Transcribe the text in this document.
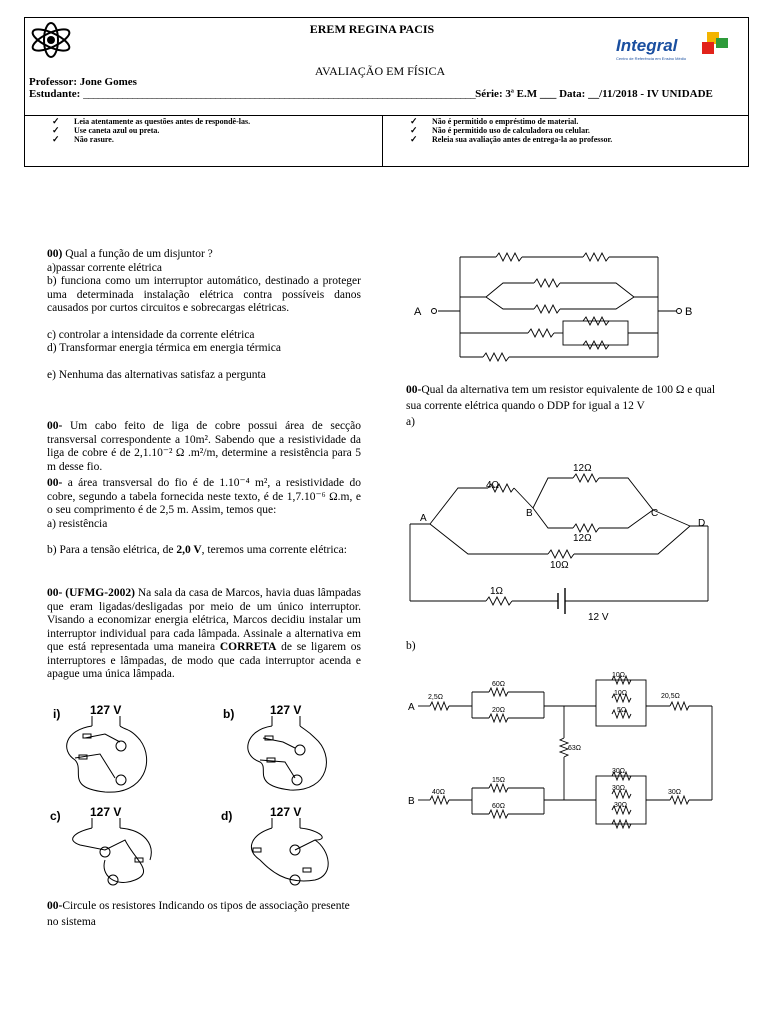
EREM REGINA PACIS
AVALIAÇÃO EM FÍSICA
Integral
Centro de Referência em Ensino Médio
Professor: Jone Gomes
Estudante: ________________________________________________________________________________Série: 3$^a$ E.M ___ Data: __/11/2018 - IV UNIDADE
✓ Leia atentamente as questões antes de respondê-las.
✓ Use caneta azul ou preta.
✓ Não rasure.
✓ Não é permitido o empréstimo de material.
✓ Não é permitido uso de calculadora ou celular.
✓ Releia sua avaliação antes de entrega-la ao professor.

00) Qual a função de um disjuntor ?

a)passar corrente elétrica

b) funciona como um interruptor automático, destinado a proteger uma determinada instalação elétrica contra possíveis danos causados por curtos circuitos e sobrecargas elétricas.

c) controlar a intensidade da corrente elétrica

d) Transformar energia térmica em energia térmica

e) Nenhuma das alternativas satisfaz a pergunta

00- Um cabo feito de liga de cobre possui área de secção transversal correspondente a 10m². Sabendo que a resistividade da liga de cobre é de 2,1.10⁻² Ω .m²/m, determine a resistência para 5 m desse fio.

00- a área transversal do fio é de 1.10⁻⁴ m², a resistividade do cobre, segundo a tabela fornecida neste texto, é de 1,7.10⁻⁶ Ω.m, e o seu comprimento é de 2,5 m. Assim, temos que:

a) resistência

b) Para a tensão elétrica, de 2,0 V, teremos uma corrente elétrica:

00- (UFMG-2002) Na sala da casa de Marcos, havia duas lâmpadas que eram ligadas/desligadas por meio de um único interruptor. Visando a economizar energia elétrica, Marcos decidiu instalar um interruptor individual para cada lâmpada. Assinale a alternativa em que está representada uma maneira CORRETA de se ligarem os interruptores e lâmpadas, de modo que cada interruptor acenda e apague uma única lâmpada.

i) 127 V	b)	127 V
c) 127 V	d)	127 V

00-Circule os resistores Indicando os tipos de associação presente no sistema

A	B

00-Qual da alternativa tem um resistor equivalente de 100 Ω e qual sua corrente elétrica quando o DDP for igual a 12 V

a)

4Ω
12Ω
12Ω
10Ω
1Ω
A	B	C
D
12 V
b)
A
B
2,5Ω
60Ω
20Ω
10Ω
10Ω
5Ω
20,5Ω
63Ω
40Ω
15Ω
60Ω
30Ω
30Ω
30Ω
30Ω
